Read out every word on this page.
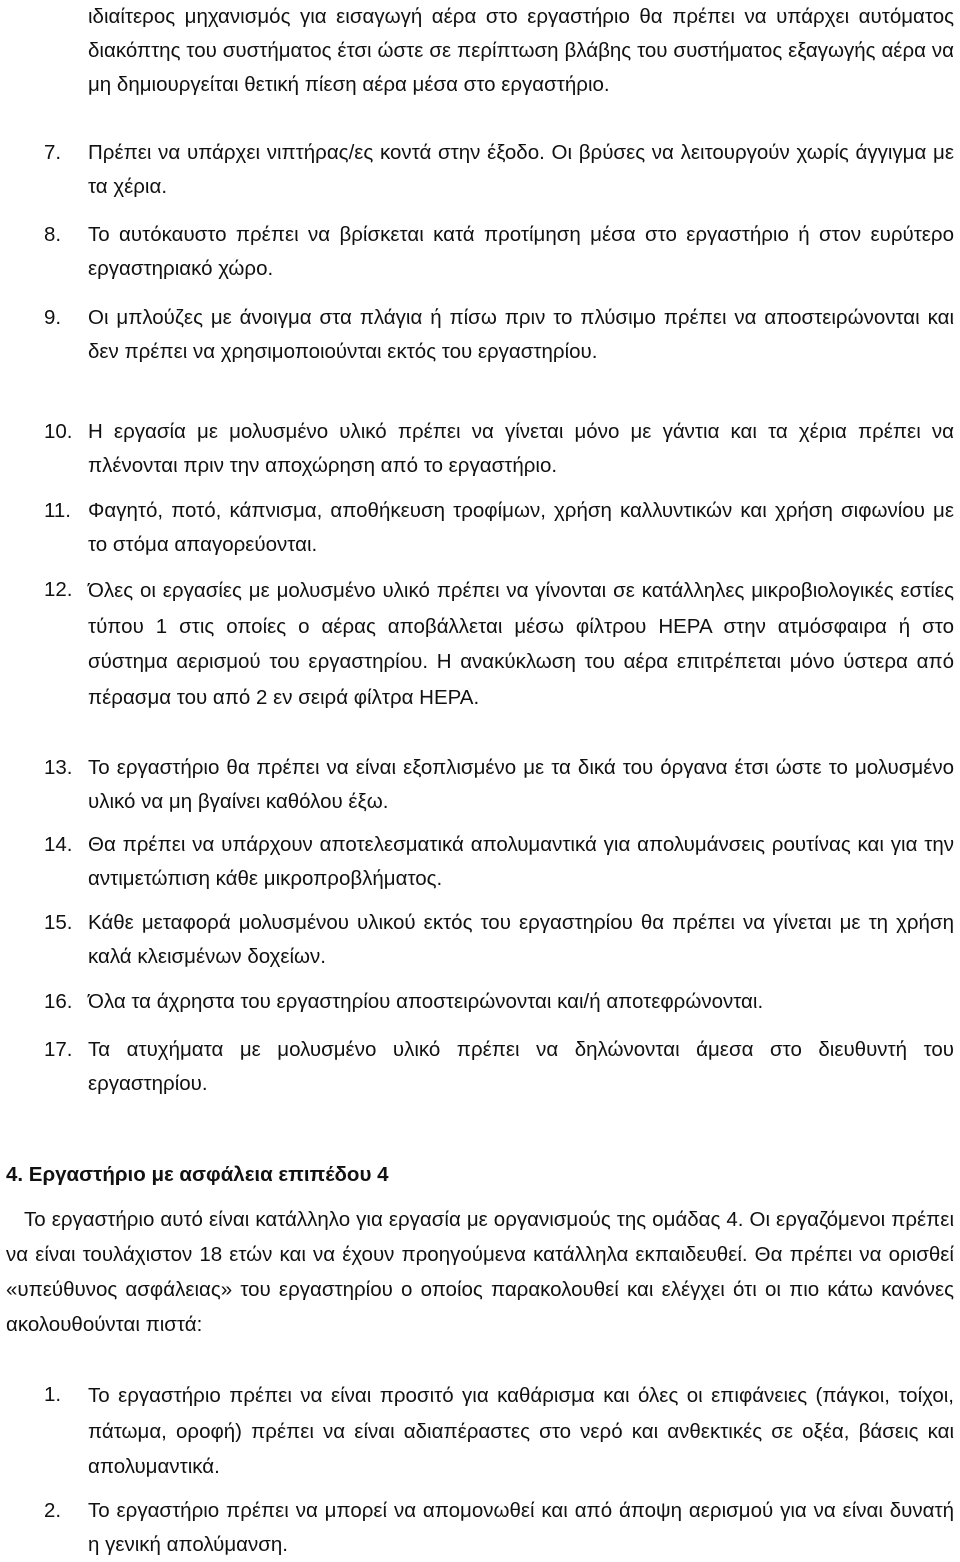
ιδιαίτερος μηχανισμός για εισαγωγή αέρα στο εργαστήριο θα πρέπει να υπάρχει αυτόματος διακόπτης του συστήματος έτσι ώστε σε περίπτωση βλάβης του συστήματος εξαγωγής αέρα να μη δημιουργείται θετική πίεση αέρα μέσα στο εργαστήριο.
7.	Πρέπει να υπάρχει νιπτήρας/ες κοντά στην έξοδο. Οι βρύσες να λειτουργούν χωρίς άγγιγμα με τα χέρια.
8.	Το αυτόκαυστο πρέπει να βρίσκεται κατά προτίμηση μέσα στο εργαστήριο ή στον ευρύτερο εργαστηριακό χώρο.
9.	Οι μπλούζες με άνοιγμα στα πλάγια ή πίσω πριν το πλύσιμο πρέπει να αποστειρώνονται και δεν πρέπει να χρησιμοποιούνται εκτός του εργαστηρίου.
10. Η εργασία με μολυσμένο υλικό πρέπει να γίνεται μόνο με γάντια και τα χέρια πρέπει να πλένονται πριν την αποχώρηση από το εργαστήριο.
11. Φαγητό, ποτό, κάπνισμα, αποθήκευση τροφίμων, χρήση καλλυντικών και χρήση σιφωνίου με το στόμα απαγορεύονται.
12. Όλες οι εργασίες με μολυσμένο υλικό πρέπει να γίνονται σε κατάλληλες μικροβιολογικές εστίες τύπου 1 στις οποίες ο αέρας αποβάλλεται μέσω φίλτρου HEPA στην ατμόσφαιρα ή στο σύστημα αερισμού του εργαστηρίου. Η ανακύκλωση του αέρα επιτρέπεται μόνο ύστερα από πέρασμα του από 2 εν σειρά φίλτρα HEPA.
13. Το εργαστήριο θα πρέπει να είναι εξοπλισμένο με τα δικά του όργανα έτσι ώστε το μολυσμένο υλικό να μη βγαίνει καθόλου έξω.
14. Θα πρέπει να υπάρχουν αποτελεσματικά απολυμαντικά για απολυμάνσεις ρουτίνας και για την αντιμετώπιση κάθε μικροπροβλήματος.
15. Κάθε μεταφορά μολυσμένου υλικού εκτός του εργαστηρίου θα πρέπει να γίνεται με τη χρήση καλά κλεισμένων δοχείων.
16. Όλα τα άχρηστα του εργαστηρίου αποστειρώνονται και/ή αποτεφρώνονται.
17. Τα ατυχήματα με μολυσμένο υλικό πρέπει να δηλώνονται άμεσα στο διευθυντή του εργαστηρίου.
4. Εργαστήριο με ασφάλεια επιπέδου 4
Το εργαστήριο αυτό είναι κατάλληλο για εργασία με οργανισμούς της ομάδας 4. Οι εργαζόμενοι πρέπει να είναι τουλάχιστον 18 ετών και να έχουν προηγούμενα κατάλληλα εκπαιδευθεί. Θα πρέπει να ορισθεί «υπεύθυνος ασφάλειας» του εργαστηρίου ο οποίος παρακολουθεί και ελέγχει ότι οι πιο κάτω κανόνες ακολουθούνται πιστά:
1.	Το εργαστήριο πρέπει να είναι προσιτό για καθάρισμα και όλες οι επιφάνειες (πάγκοι, τοίχοι, πάτωμα, οροφή) πρέπει να είναι αδιαπέραστες στο νερό και ανθεκτικές σε οξέα, βάσεις και απολυμαντικά.
2.	Το εργαστήριο πρέπει να μπορεί να απομονωθεί και από άποψη αερισμού για να είναι δυνατή η γενική απολύμανση.
